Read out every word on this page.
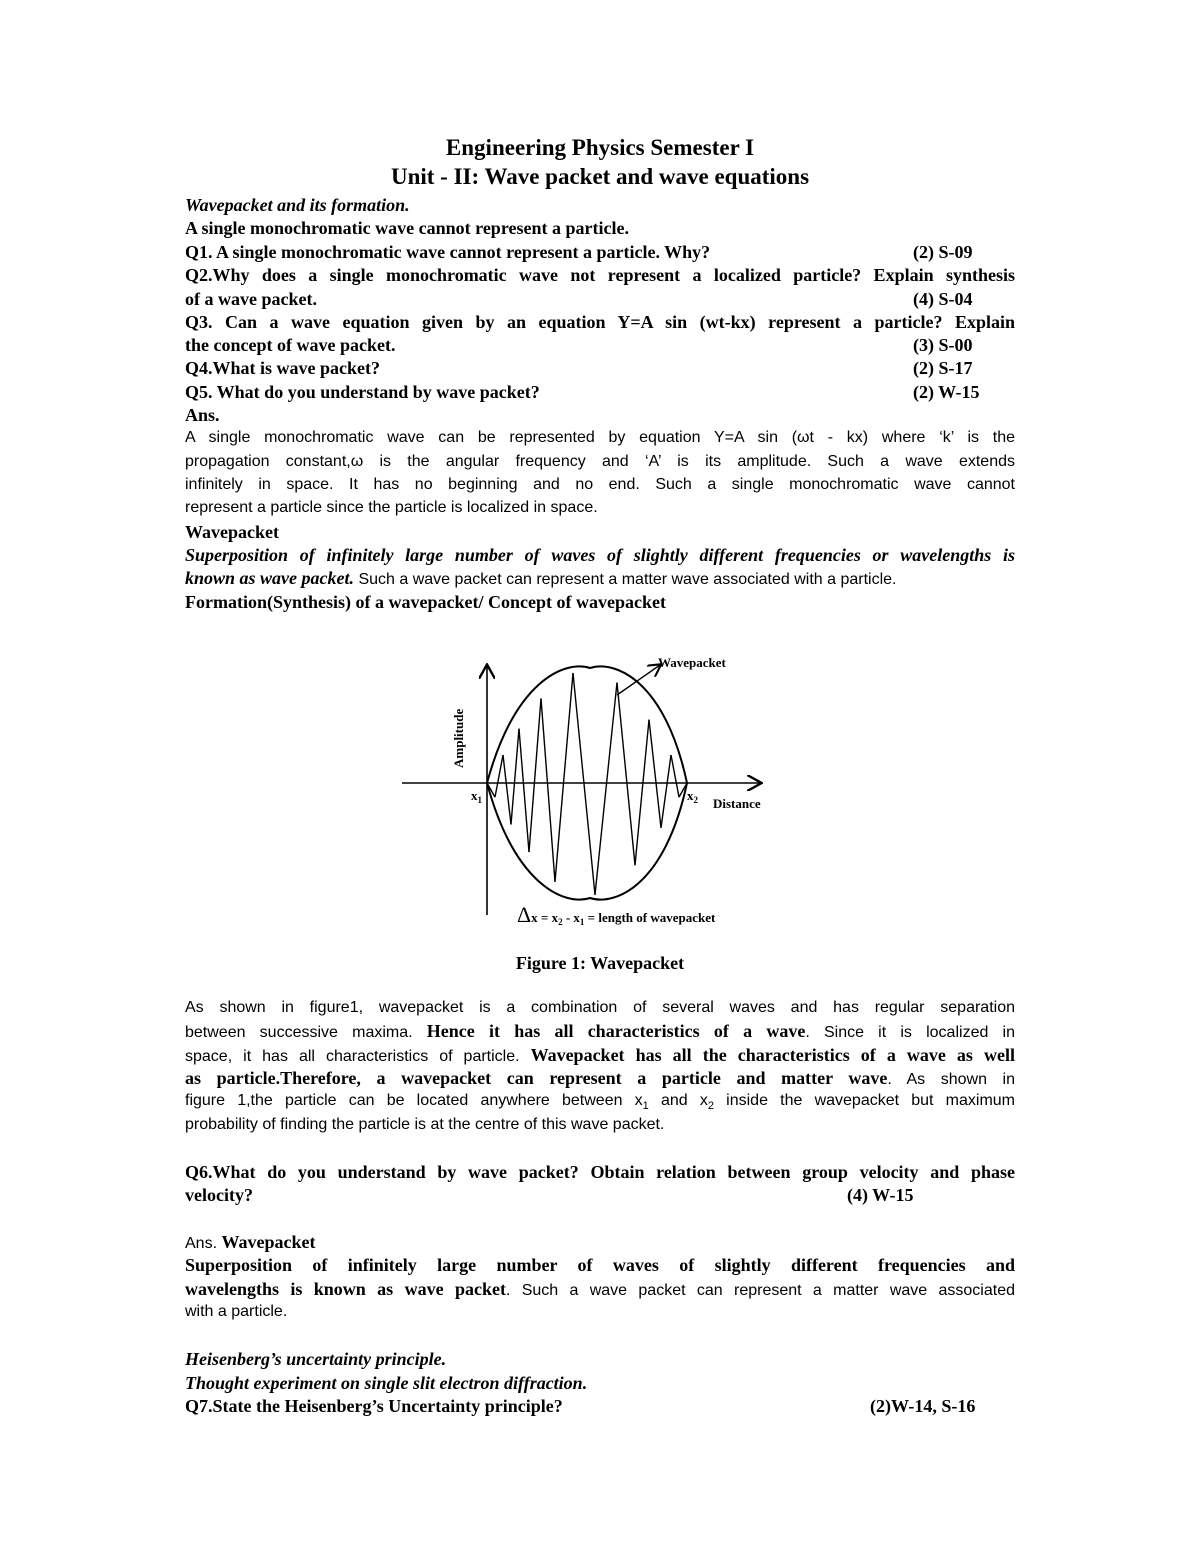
Engineering Physics Semester I
Unit - II: Wave packet and wave equations
Wavepacket and its formation.
A single monochromatic wave cannot represent a particle.
Q1. A single monochromatic wave cannot represent a particle. Why?	(2) S-09
Q2.Why does a single monochromatic wave not represent a localized particle? Explain synthesis
of a wave packet.	(4) S-04
Q3. Can a wave equation given by an equation Y=A sin (wt-kx) represent a particle? Explain
the concept of wave packet.	(3) S-00
Q4.What is wave packet?	(2) S-17
Q5. What do you understand by wave packet?	(2) W-15
Ans.
A single monochromatic wave can be represented by equation Y=A sin (ωt - kx) where ‘k’ is the
propagation constant,ω is the angular frequency and ‘A’ is its amplitude. Such a wave extends
infinitely in space. It has no beginning and no end. Such a single monochromatic wave cannot
represent a particle since the particle is localized in space.
Wavepacket
Superposition of infinitely large number of waves of slightly different frequencies or wavelengths is
known as wave packet. Such a wave packet can represent a matter wave associated with a particle.
Formation(Synthesis) of a wavepacket/ Concept of wavepacket
Wavepacket
Amplitude
Distance
$x_1$	$x_2$
$\Delta x = x_2 - x_1$ = length of wavepacket
Figure 1: Wavepacket
As shown in figure1, wavepacket is a combination of several waves and has regular separation
between successive maxima. Hence it has all characteristics of a wave. Since it is localized in
space, it has all characteristics of particle. Wavepacket has all the characteristics of a wave as well
as particle.Therefore, a wavepacket can represent a particle and matter wave. As shown in
figure 1,the particle can be located anywhere between $x_1$ and $x_2$ inside the wavepacket but maximum
probability of finding the particle is at the centre of this wave packet.
Q6.What do you understand by wave packet? Obtain relation between group velocity and phase
velocity?	(4) W-15
Ans. Wavepacket
Superposition of infinitely large number of waves of slightly different frequencies and
wavelengths is known as wave packet. Such a wave packet can represent a matter wave associated
with a particle.
Heisenberg’s uncertainty principle.
Thought experiment on single slit electron diffraction.
Q7.State the Heisenberg’s Uncertainty principle?	(2)W-14, S-16
